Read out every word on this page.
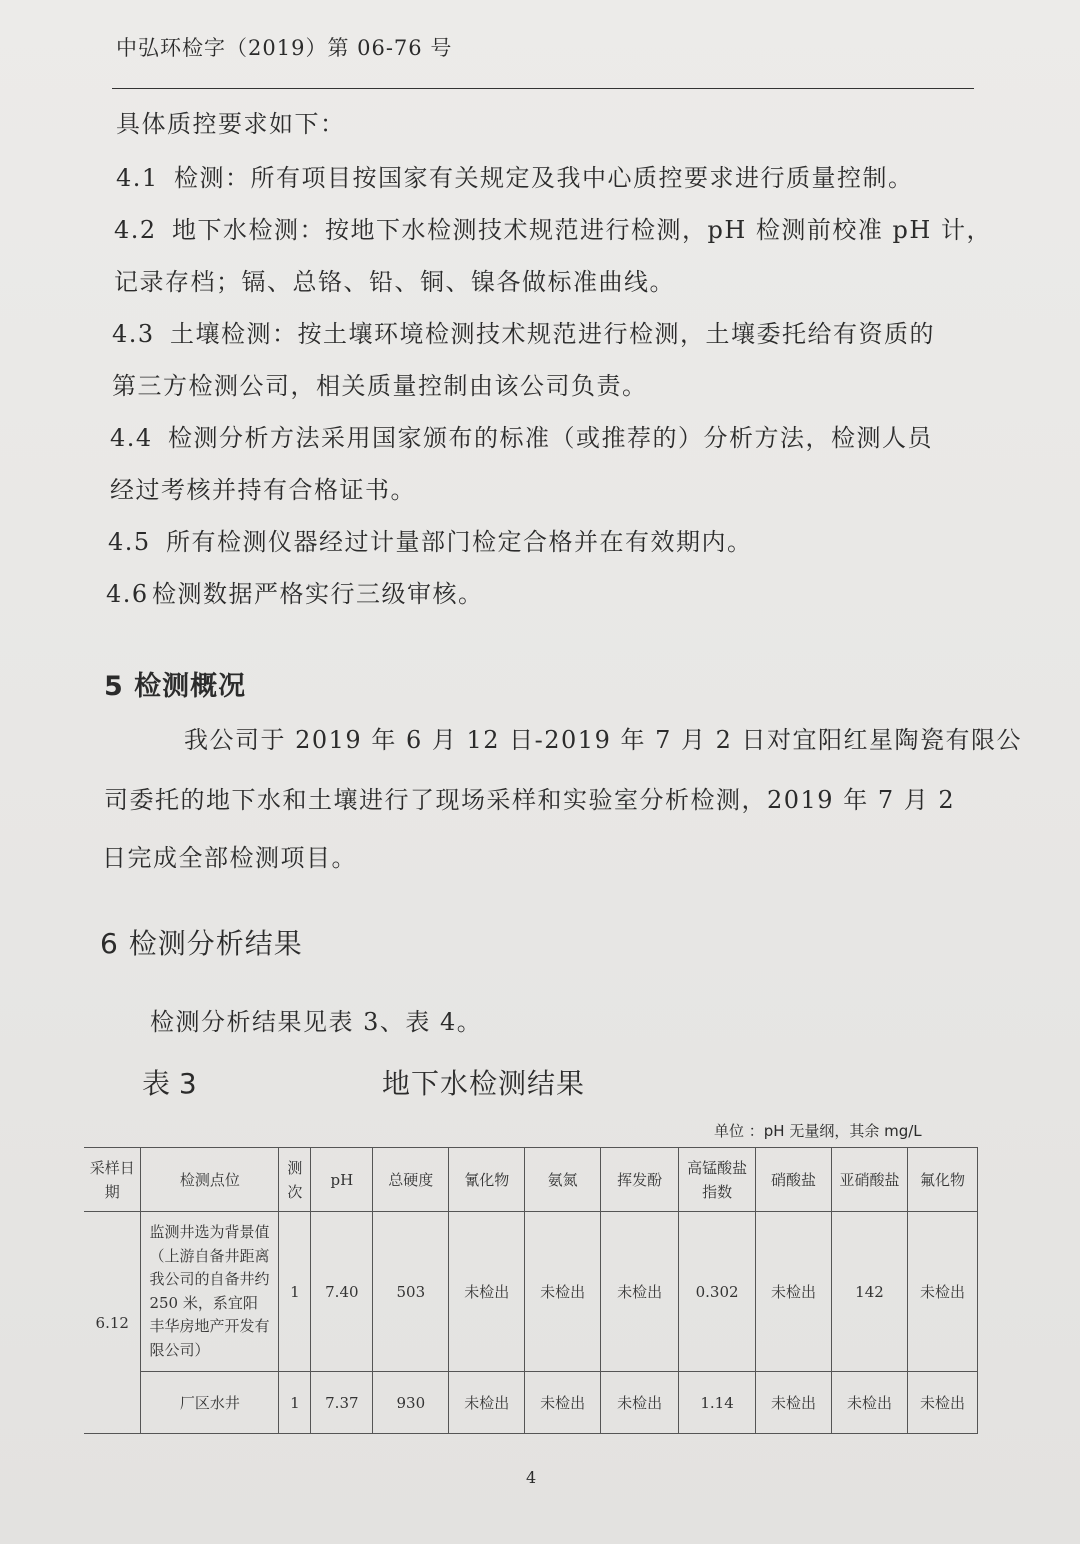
中弘环检字（2019）第 06-76 号
具体质控要求如下：
4.1 检测：所有项目按国家有关规定及我中心质控要求进行质量控制。
4.2 地下水检测：按地下水检测技术规范进行检测，pH 检测前校准 pH 计，
记录存档；镉、总铬、铅、铜、镍各做标准曲线。
4.3 土壤检测：按土壤环境检测技术规范进行检测，土壤委托给有资质的
第三方检测公司，相关质量控制由该公司负责。
4.4 检测分析方法采用国家颁布的标准（或推荐的）分析方法，检测人员
经过考核并持有合格证书。
4.5 所有检测仪器经过计量部门检定合格并在有效期内。
4.6 检测数据严格实行三级审核。
5 检测概况
我公司于 2019 年 6 月 12 日-2019 年 7 月 2 日对宜阳红星陶瓷有限公
司委托的地下水和土壤进行了现场采样和实验室分析检测，2019 年 7 月 2
日完成全部检测项目。
6 检测分析结果
检测分析结果见表 3、表 4。
表 3	地下水检测结果
单位 ：pH 无量纲，其余 mg/L
采样日期	检测点位	测次	pH	总硬度	氰化物	氨氮	挥发酚	高锰酸盐指数	硝酸盐	亚硝酸盐	氟化物
6.12	监测井选为背景值（上游自备井距离我公司的自备井约 250 米，系宜阳丰华房地产开发有限公司）	1	7.40	503	未检出	未检出	未检出	0.302	未检出	142	未检出
	厂区水井	1	7.37	930	未检出	未检出	未检出	1.14	未检出	未检出	未检出
4
